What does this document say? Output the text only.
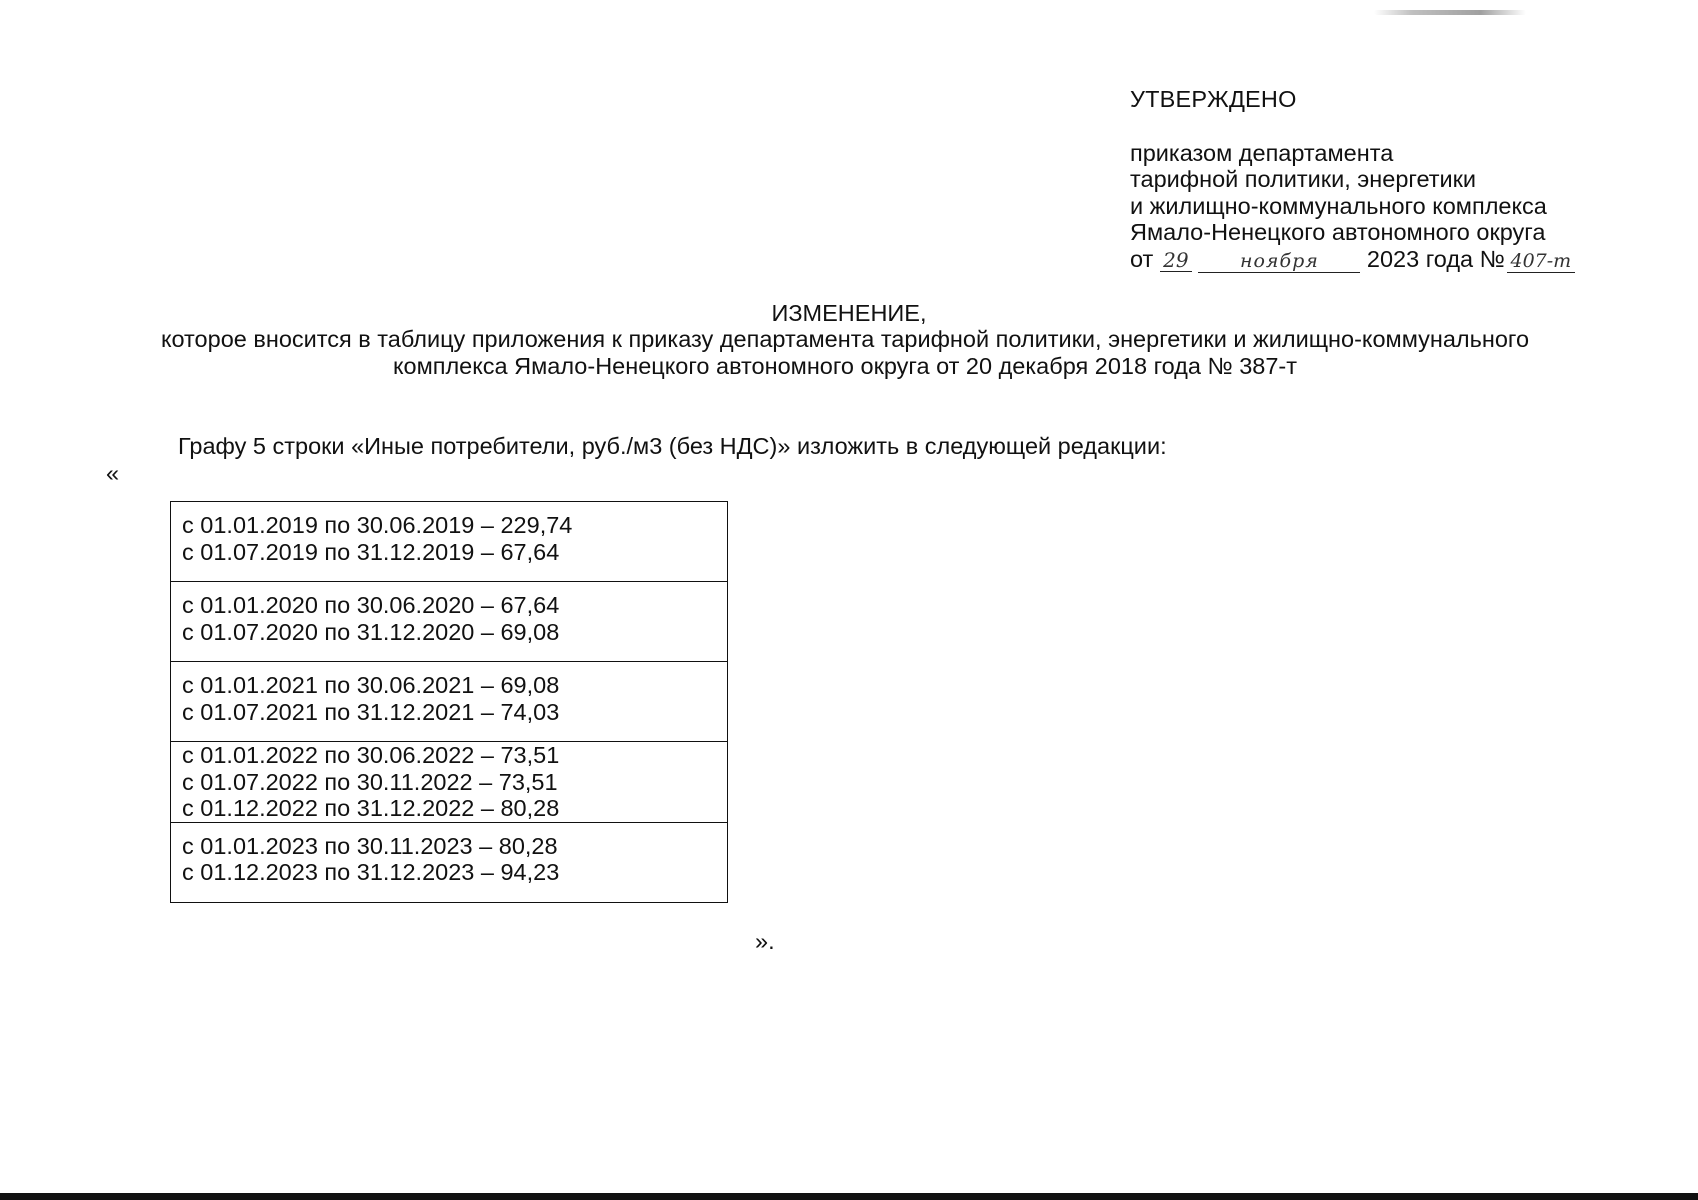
УТВЕРЖДЕНО
приказом департамента
тарифной политики, энергетики
и жилищно-коммунального комплекса
Ямало-Ненецкого автономного округа
от 29	ноября 2023 года № 407-т
ИЗМЕНЕНИЕ,
которое вносится в таблицу приложения к приказу департамента тарифной политики, энергетики и жилищно-коммунального комплекса Ямало-Ненецкого автономного округа от 20 декабря 2018 года № 387-т
Графу 5 строки «Иные потребители, руб./м3 (без НДС)» изложить в следующей редакции:
«
с 01.01.2019 по 30.06.2019 – 229,74
с 01.07.2019 по 31.12.2019 – 67,64

с 01.01.2020 по 30.06.2020 – 67,64
с 01.07.2020 по 31.12.2020 – 69,08

с 01.01.2021 по 30.06.2021 – 69,08
с 01.07.2021 по 31.12.2021 – 74,03

с 01.01.2022 по 30.06.2022 – 73,51
с 01.07.2022 по 30.11.2022 – 73,51
с 01.12.2022 по 31.12.2022 – 80,28

с 01.01.2023 по 30.11.2023 – 80,28
с 01.12.2023 по 31.12.2023 – 94,23
».
